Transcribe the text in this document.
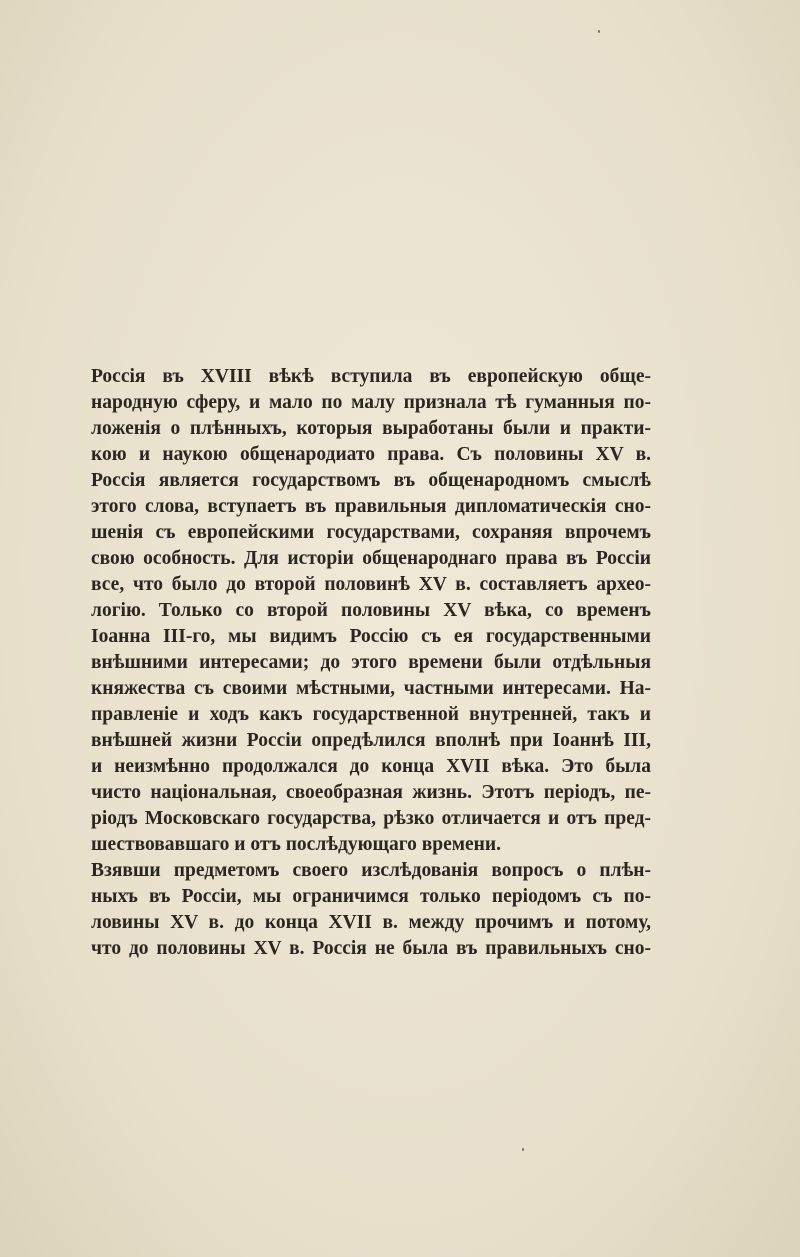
Россія въ XVIII вѣкѣ вступила въ европейскую обще-
народную сферу, и мало по малу признала тѣ гуманныя по-
ложенія о плѣнныхъ, которыя выработаны были и практи-
кою и наукою общенародиато права. Съ половины XV в.
Россія является государствомъ въ общенародномъ смыслѣ
этого слова, вступаетъ въ правильныя дипломатическія сно-
шенія съ европейскими государствами, сохраняя впрочемъ
свою особность. Для исторіи общенароднаго права въ Россіи
все, что было до второй половинѣ XV в. составляетъ архео-
логію. Только со второй половины XV вѣка, со временъ
Іоанна III-го, мы видимъ Россію съ ея государственными
внѣшними интересами; до этого времени были отдѣльныя
княжества съ своими мѣстными, частными интересами. На-
правленіе и ходъ какъ государственной внутренней, такъ и
внѣшней жизни Россіи опредѣлился вполнѣ при Іоаннѣ III,
и неизмѣнно продолжался до конца XVII вѣка. Это была
чисто національная, своеобразная жизнь. Этотъ періодъ, пе-
ріодъ Московскаго государства, рѣзко отличается и отъ пред-
шествовавшаго и отъ послѣдующаго времени.
Взявши предметомъ своего изслѣдованія вопросъ о плѣн-
ныхъ въ Россіи, мы ограничимся только періодомъ съ по-
ловины XV в. до конца XVII в. между прочимъ и потому,
что до половины XV в. Россія не была въ правильныхъ сно-
